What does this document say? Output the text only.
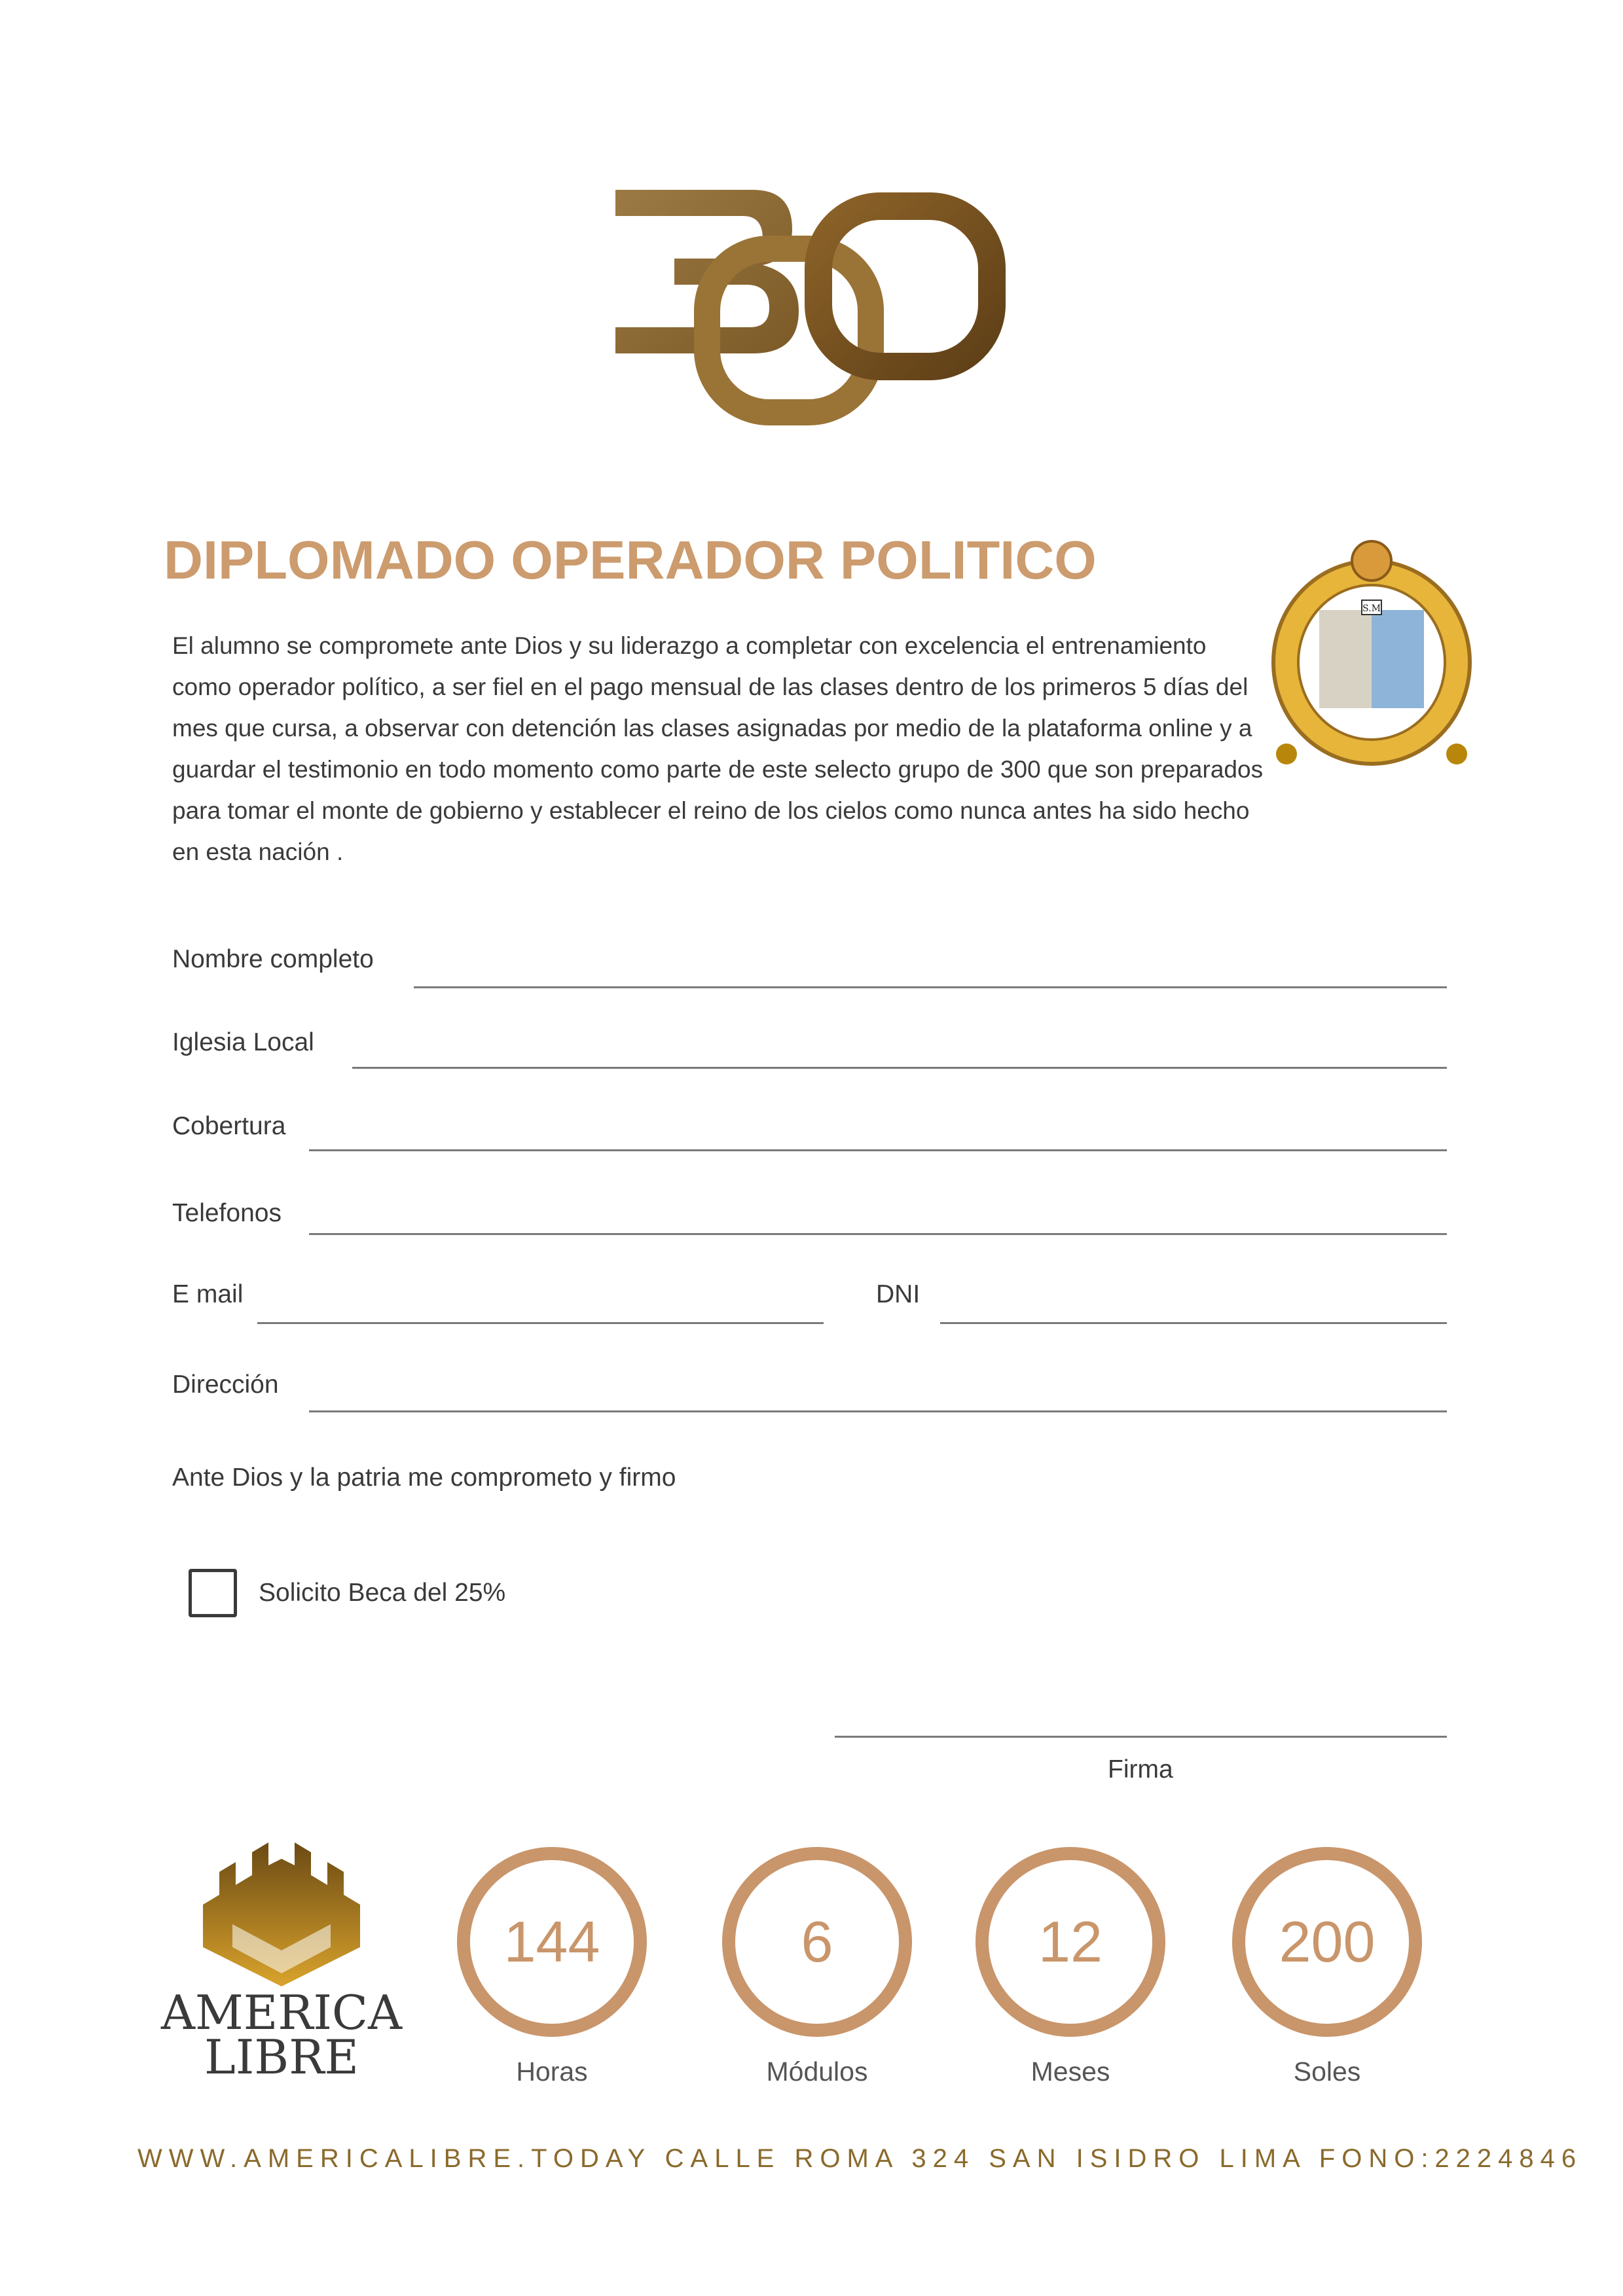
DIPLOMADO OPERADOR POLITICO
S.M
El alumno se compromete ante Dios y su liderazgo a completar con excelencia el entrenamiento como operador político, a ser fiel en el pago mensual de las clases dentro de los primeros 5 días del mes que cursa, a observar con detención las clases asignadas por medio de la plataforma online y a guardar el testimonio en todo momento como parte de este selecto grupo de 300 que son preparados para tomar el monte de gobierno y establecer el reino de los cielos como nunca antes ha sido hecho en esta nación .
Nombre completo
Iglesia Local
Cobertura
Telefonos
E mail	DNI
Dirección
Ante Dios y la patria me comprometo y firmo
Solicito Beca del 25%
Firma
AMERICA
LIBRE
144
Horas
6
Módulos
12
Meses
200
Soles
WWW.AMERICALIBRE.TODAY CALLE ROMA 324 SAN ISIDRO LIMA FONO:2224846
